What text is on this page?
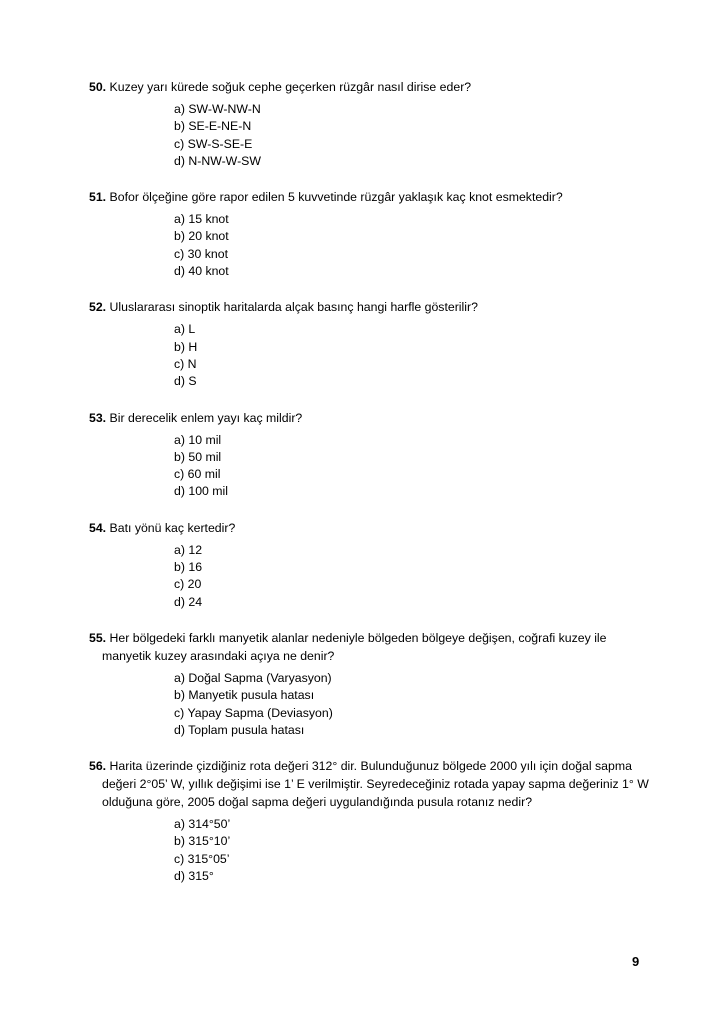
50. Kuzey yarı kürede soğuk cephe geçerken rüzgâr nasıl dirise eder?
a) SW-W-NW-N
b) SE-E-NE-N
c) SW-S-SE-E
d) N-NW-W-SW
51. Bofor ölçeğine göre rapor edilen 5 kuvvetinde rüzgâr yaklaşık kaç knot esmektedir?
a) 15 knot
b) 20 knot
c) 30 knot
d) 40 knot
52. Uluslararası sinoptik haritalarda alçak basınç hangi harfle gösterilir?
a) L
b) H
c) N
d) S
53. Bir derecelik enlem yayı kaç mildir?
a) 10 mil
b) 50 mil
c) 60 mil
d) 100 mil
54. Batı yönü kaç kertedir?
a) 12
b) 16
c) 20
d) 24
55. Her bölgedeki farklı manyetik alanlar nedeniyle bölgeden bölgeye değişen, coğrafi kuzey ile manyetik kuzey arasındaki açıya ne denir?
a) Doğal Sapma (Varyasyon)
b) Manyetik pusula hatası
c) Yapay Sapma (Deviasyon)
d) Toplam pusula hatası
56. Harita üzerinde çizdiğiniz rota değeri 312° dir. Bulunduğunuz bölgede 2000 yılı için doğal sapma değeri 2°05’ W, yıllık değişimi ise 1’ E verilmiştir. Seyredeceğiniz rotada yapay sapma değeriniz 1° W olduğuna göre, 2005 doğal sapma değeri uygulandığında pusula rotanız nedir?
a) 314°50’
b) 315°10’
c) 315°05’
d) 315°
9
